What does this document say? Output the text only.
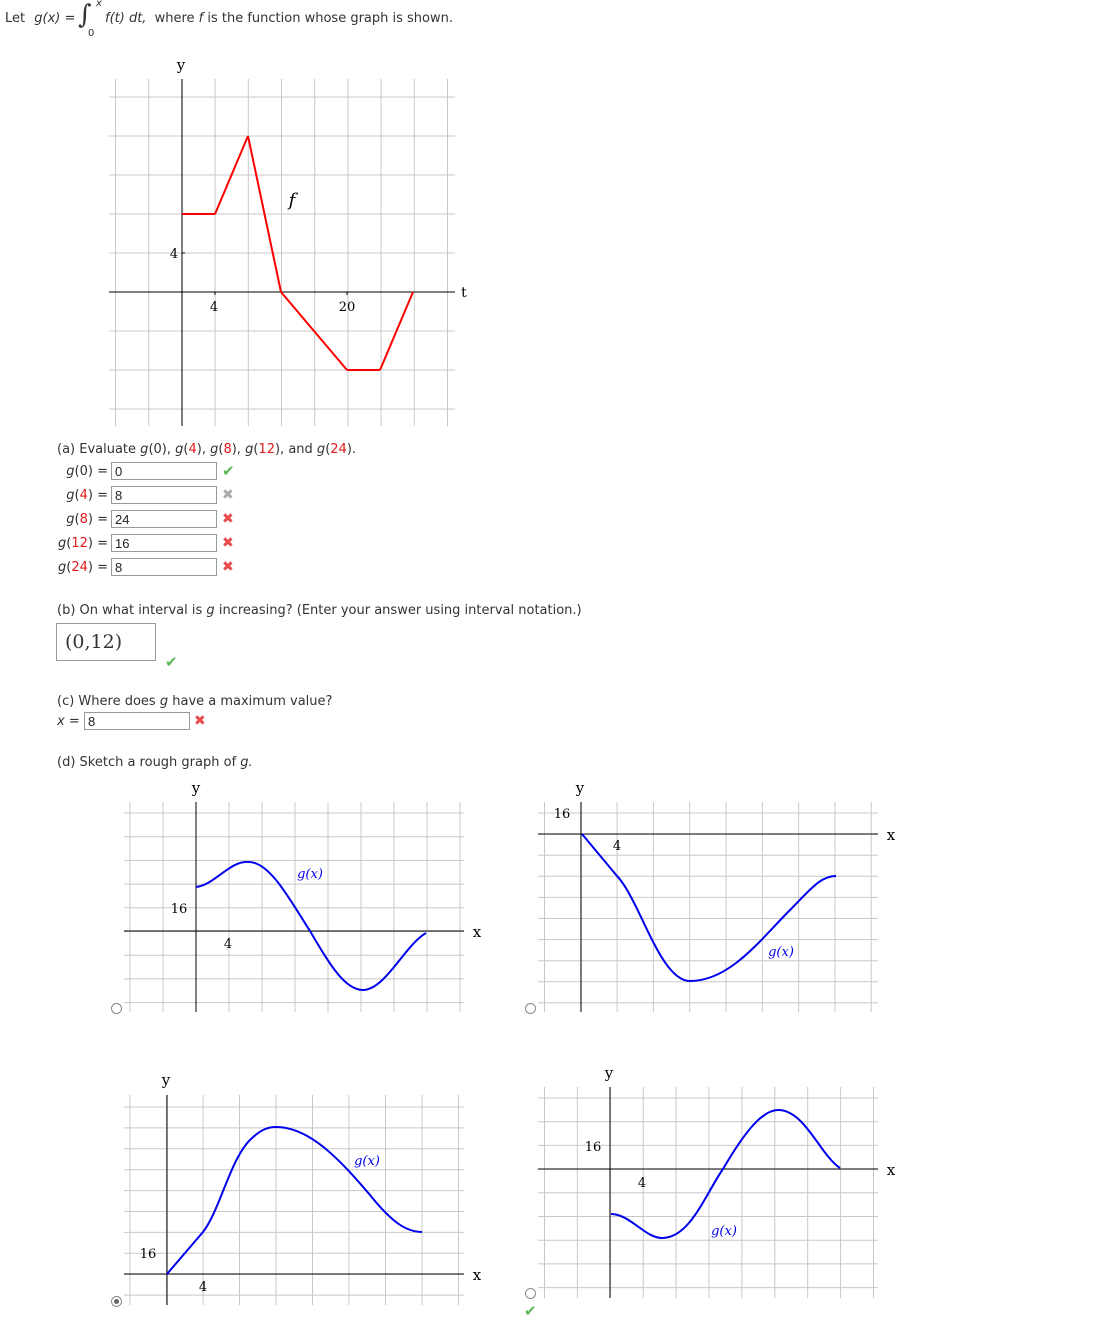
Let g(x) = ∫ x
0
f(t) dt, where f is the function whose graph is shown.
y
t
4
4	20
f
(a) Evaluate g(0), g(4), g(8), g(12), and g(24).
g(0) = 0	✔
g(4) = 8	✖
g(8) = 24	✖
g(12) = 16	✖
g(24) = 8	✖
(b) On what interval is g increasing? (Enter your answer using interval notation.)
(0,12)
✔
(c) Where does g have a maximum value?
x = 8	✖
(d) Sketch a rough graph of g.
y
x
16
4
g(x)
y
x
16
4
g(x)
y
x
16
4
g(x)
y
x
16
4
g(x)
✔
